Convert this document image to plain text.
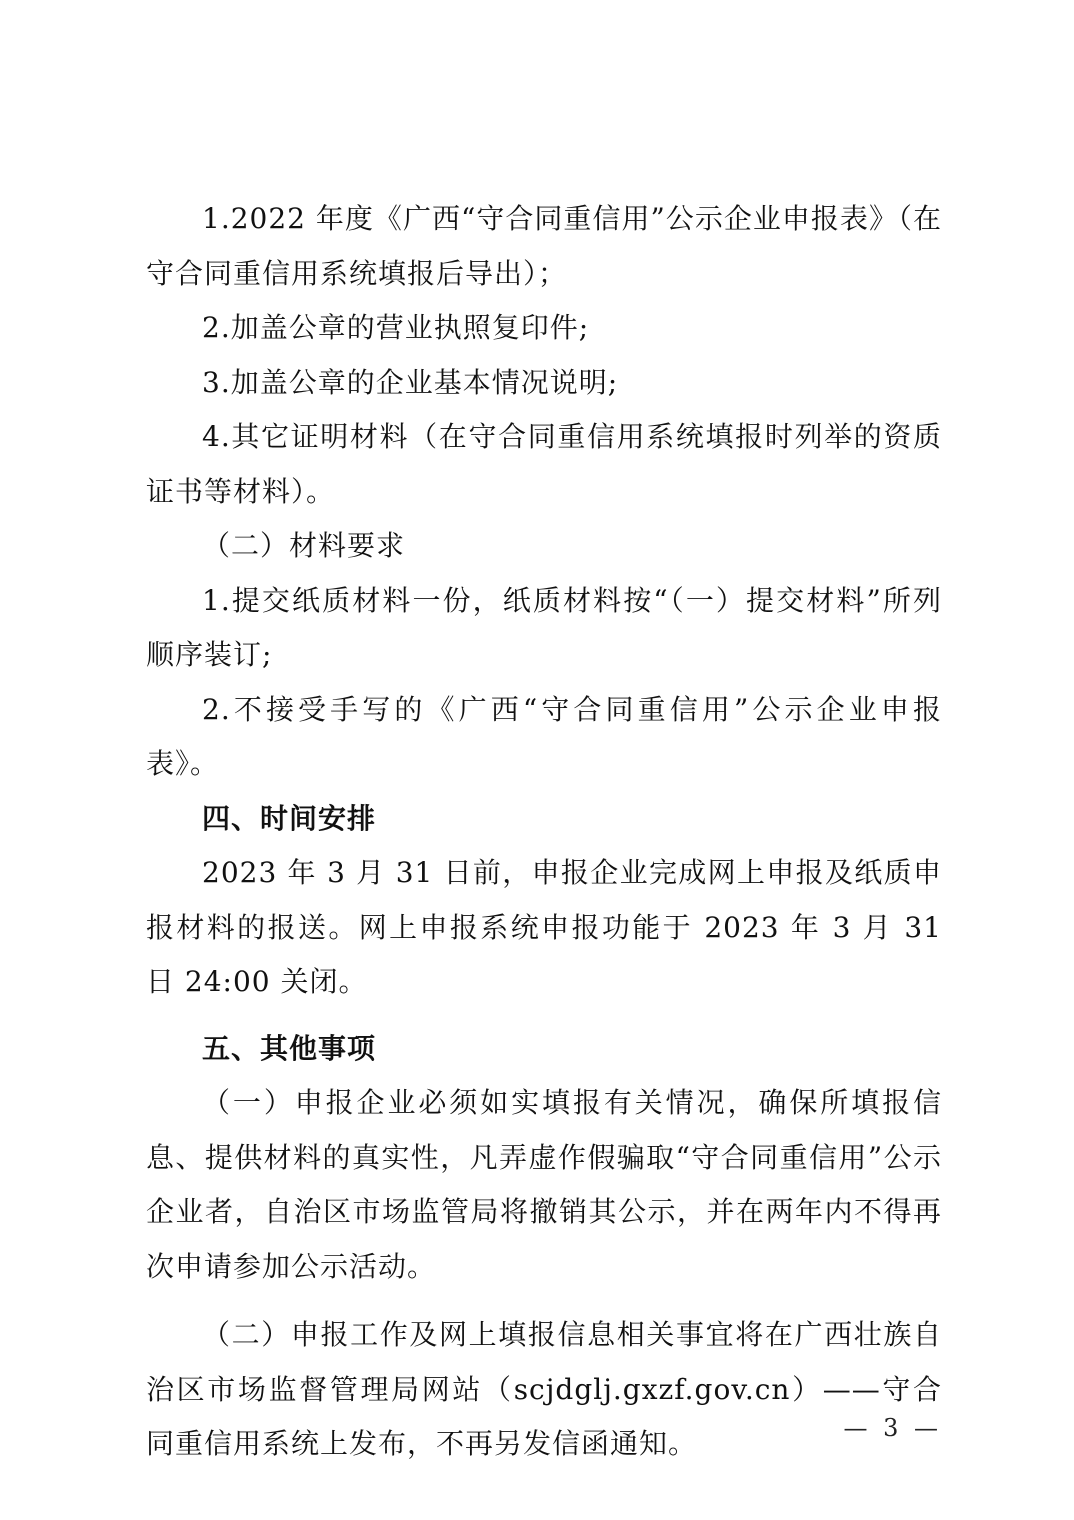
1.2022 年度《广西“守合同重信用”公示企业申报表》（在守合同重信用系统填报后导出）；

2.加盖公章的营业执照复印件;

3.加盖公章的企业基本情况说明;

4.其它证明材料（在守合同重信用系统填报时列举的资质证书等材料）。

（二）材料要求

1.提交纸质材料一份，纸质材料按“（一）提交材料”所列顺序装订;

2.不接受手写的《广西“守合同重信用”公示企业申报表》。

四、时间安排

2023 年 3 月 31 日前，申报企业完成网上申报及纸质申报材料的报送。网上申报系统申报功能于 2023 年 3 月 31 日 24:00 关闭。

五、其他事项

（一）申报企业必须如实填报有关情况，确保所填报信息、提供材料的真实性，凡弄虚作假骗取“守合同重信用”公示企业者，自治区市场监管局将撤销其公示，并在两年内不得再次申请参加公示活动。

（二）申报工作及网上填报信息相关事宜将在广西壮族自治区市场监督管理局网站（scjdglj.gxzf.gov.cn）——守合同重信用系统上发布，不再另发信函通知。	— 3 —
